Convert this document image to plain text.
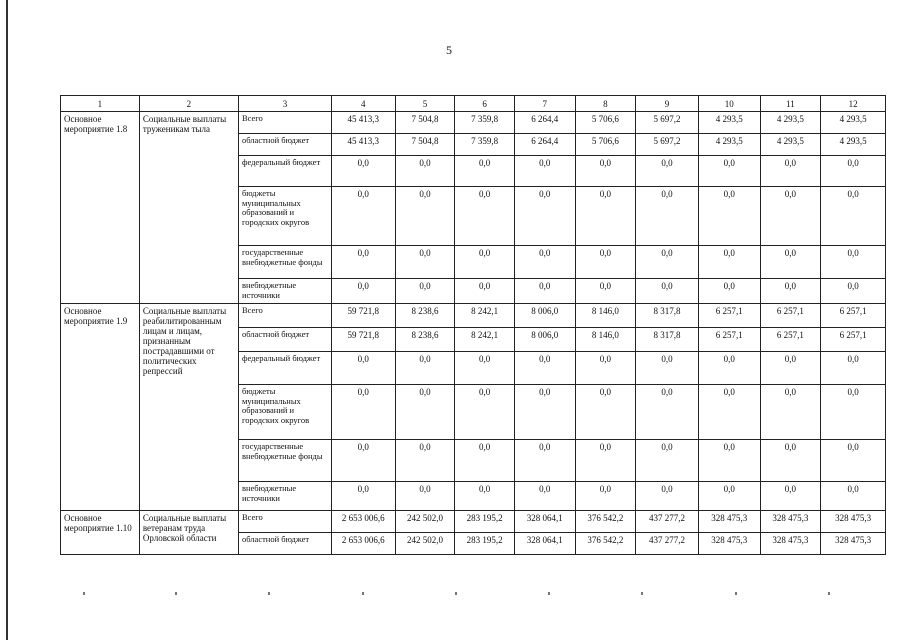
5
1	2	3	4	5	6	7	8	9	10	11	12
Основное мероприятие 1.8	Социальные выплаты труженикам тыла	Всего	45 413,3	7 504,8	7 359,8	6 264,4	5 706,6	5 697,2	4 293,5	4 293,5	4 293,5
		областной бюджет	45 413,3	7 504,8	7 359,8	6 264,4	5 706,6	5 697,2	4 293,5	4 293,5	4 293,5
		федеральный бюджет	0,0	0,0	0,0	0,0	0,0	0,0	0,0	0,0	0,0
		бюджеты муниципальных образований и городских округов	0,0	0,0	0,0	0,0	0,0	0,0	0,0	0,0	0,0
		государственные внебюджетные фонды	0,0	0,0	0,0	0,0	0,0	0,0	0,0	0,0	0,0
		внебюджетные источники	0,0	0,0	0,0	0,0	0,0	0,0	0,0	0,0	0,0
Основное мероприятие 1.9	Социальные выплаты реабилитированным лицам и лицам, признанным пострадавшими от политических репрессий	Всего	59 721,8	8 238,6	8 242,1	8 006,0	8 146,0	8 317,8	6 257,1	6 257,1	6 257,1
		областной бюджет	59 721,8	8 238,6	8 242,1	8 006,0	8 146,0	8 317,8	6 257,1	6 257,1	6 257,1
		федеральный бюджет	0,0	0,0	0,0	0,0	0,0	0,0	0,0	0,0	0,0
		бюджеты муниципальных образований и городских округов	0,0	0,0	0,0	0,0	0,0	0,0	0,0	0,0	0,0
		государственные внебюджетные фонды	0,0	0,0	0,0	0,0	0,0	0,0	0,0	0,0	0,0
		внебюджетные источники	0,0	0,0	0,0	0,0	0,0	0,0	0,0	0,0	0,0
Основное мероприятие 1.10	Социальные выплаты ветеранам труда Орловской области	Всего	2 653 006,6	242 502,0	283 195,2	328 064,1	376 542,2	437 277,2	328 475,3	328 475,3	328 475,3
		областной бюджет	2 653 006,6	242 502,0	283 195,2	328 064,1	376 542,2	437 277,2	328 475,3	328 475,3	328 475,3
